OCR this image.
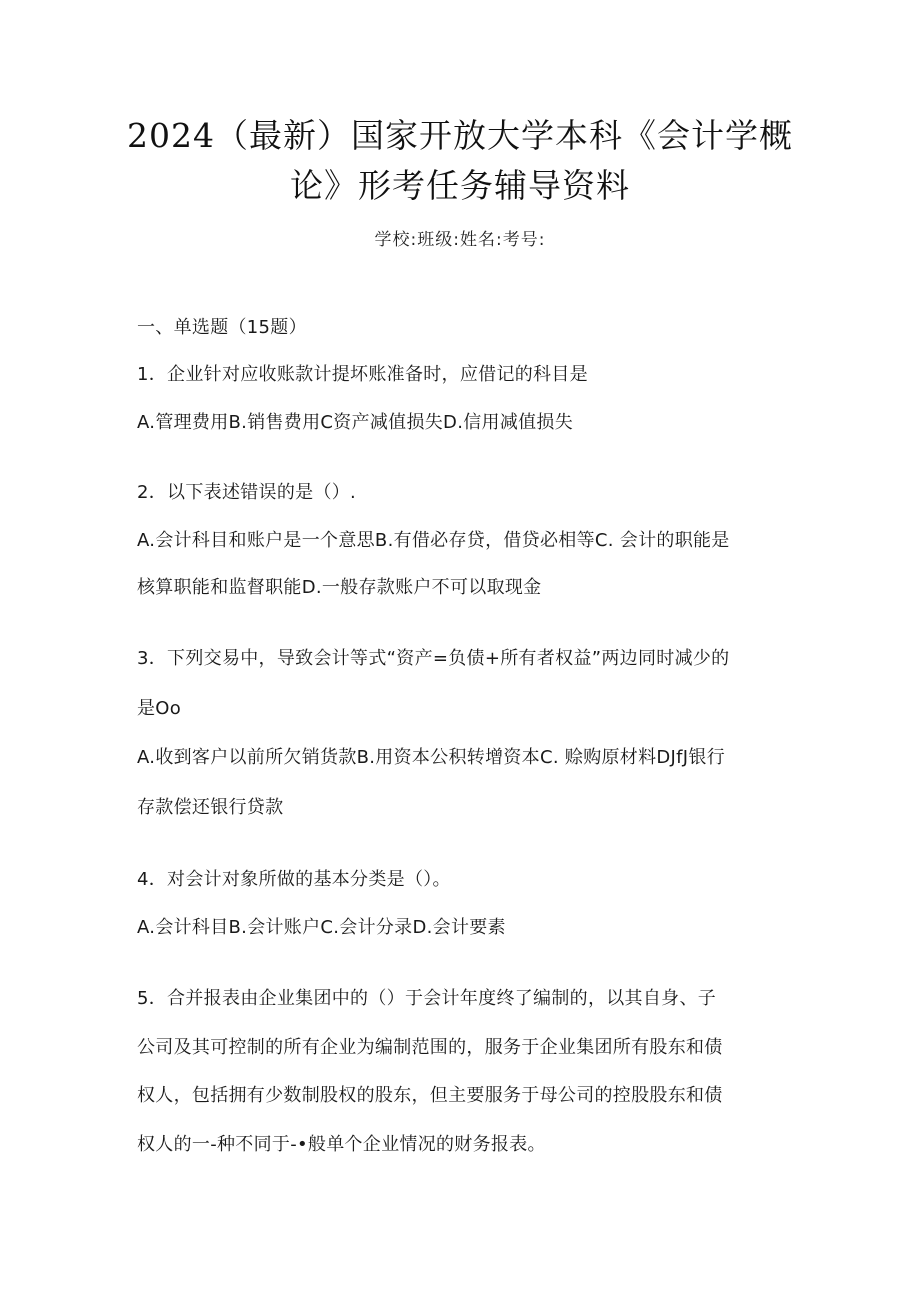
2024（最新）国家开放大学本科《会计学概
论》形考任务辅导资料
学校:班级:姓名:考号:
一、单选题（15题）
1．企业针对应收账款计提坏账准备时，应借记的科目是
A.管理费用B.销售费用C资产减值损失D.信用减值损失
2．以下表述错误的是（）.
A.会计科目和账户是一个意思B.有借必存贷，借贷必相等C. 会计的职能是
核算职能和监督职能D.一般存款账户不可以取现金
3．下列交易中，导致会计等式“资产=负债+所有者权益”两边同时减少的
是Oo
A.收到客户以前所欠销货款B.用资本公积转增资本C. 赊购原材料DJfJ银行
存款偿还银行贷款
4．对会计对象所做的基本分类是（）。
A.会计科目B.会计账户C.会计分录D.会计要素
5．合并报表由企业集团中的（）于会计年度终了编制的，以其自身、子
公司及其可控制的所有企业为编制范围的，服务于企业集团所有股东和债
权人，包括拥有少数制股权的股东，但主要服务于母公司的控股股东和债
权人的一-种不同于-•般单个企业情况的财务报表。
